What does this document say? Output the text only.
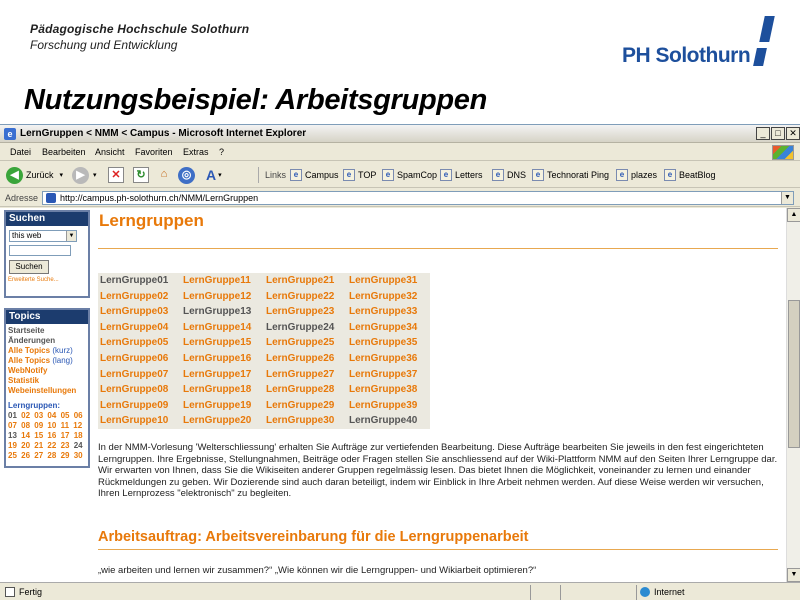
Pädagogische Hochschule Solothurn
Forschung und Entwicklung	PH Solothurn
Nutzungsbeispiel: Arbeitsgruppen
e LernGruppen < NMM < Campus - Microsoft Internet Explorer	_	□ ✕
Datei Bearbeiten Ansicht Favoriten Extras ?
◀ Zurück ▾	▶	▾	✕	↻	⌂	◎ A ▾	Links e Campus	e TOP	e SpamCop e Letters	e DNS	e Technorati Ping	e plazes	e BeatBlog
Adresse http://campus.ph-solothurn.ch/NMM/LernGruppen	▼
Suchen
this web	▼
Suchen
Erweiterte Suche...
Topics
Startseite
Änderungen
Alle Topics (kurz)
Alle Topics (lang)
WebNotify
Statistik
Webeinstellungen
Lerngruppen:
01 02 03 04 05 06 07 08 09 10 11 12 13 14 15 16 17 18 19 20 21 22 23 24 25 26 27 28 29 30
Lerngruppen
LernGruppe01	LernGruppe11	LernGruppe21	LernGruppe31
LernGruppe02	LernGruppe12	LernGruppe22	LernGruppe32
LernGruppe03	LernGruppe13	LernGruppe23	LernGruppe33
LernGruppe04	LernGruppe14	LernGruppe24	LernGruppe34
LernGruppe05	LernGruppe15	LernGruppe25	LernGruppe35
LernGruppe06	LernGruppe16	LernGruppe26	LernGruppe36
LernGruppe07	LernGruppe17	LernGruppe27	LernGruppe37
LernGruppe08	LernGruppe18	LernGruppe28	LernGruppe38
LernGruppe09	LernGruppe19	LernGruppe29	LernGruppe39
LernGruppe10	LernGruppe20	LernGruppe30	LernGruppe40
In der NMM-Vorlesung 'Welterschliessung' erhalten Sie Aufträge zur vertiefenden Bearbeitung. Diese Aufträge bearbeiten Sie jeweils in den fest eingerichteten Lerngruppen. Ihre Ergebnisse, Stellungnahmen, Beiträge oder Fragen stellen Sie anschliessend auf der Wiki-Plattform NMM auf den Seiten Ihrer Lerngruppe dar. Wir erwarten von Ihnen, dass Sie die Wikiseiten anderer Gruppen regelmässig lesen. Das bietet Ihnen die Möglichkeit, voneinander zu lernen und einander Rückmeldungen zu geben. Wir Dozierende sind auch daran beteiligt, indem wir Einblick in Ihre Arbeit nehmen werden. Auf diese Weise werden wir versuchen, Ihren Lernprozess "elektronisch" zu begleiten.
Arbeitsauftrag: Arbeitsvereinbarung für die Lerngruppenarbeit
„wie arbeiten und lernen wir zusammen?“ „Wie können wir die Lerngruppen- und Wikiarbeit optimieren?“
▲
▼
Fertig	Internet
